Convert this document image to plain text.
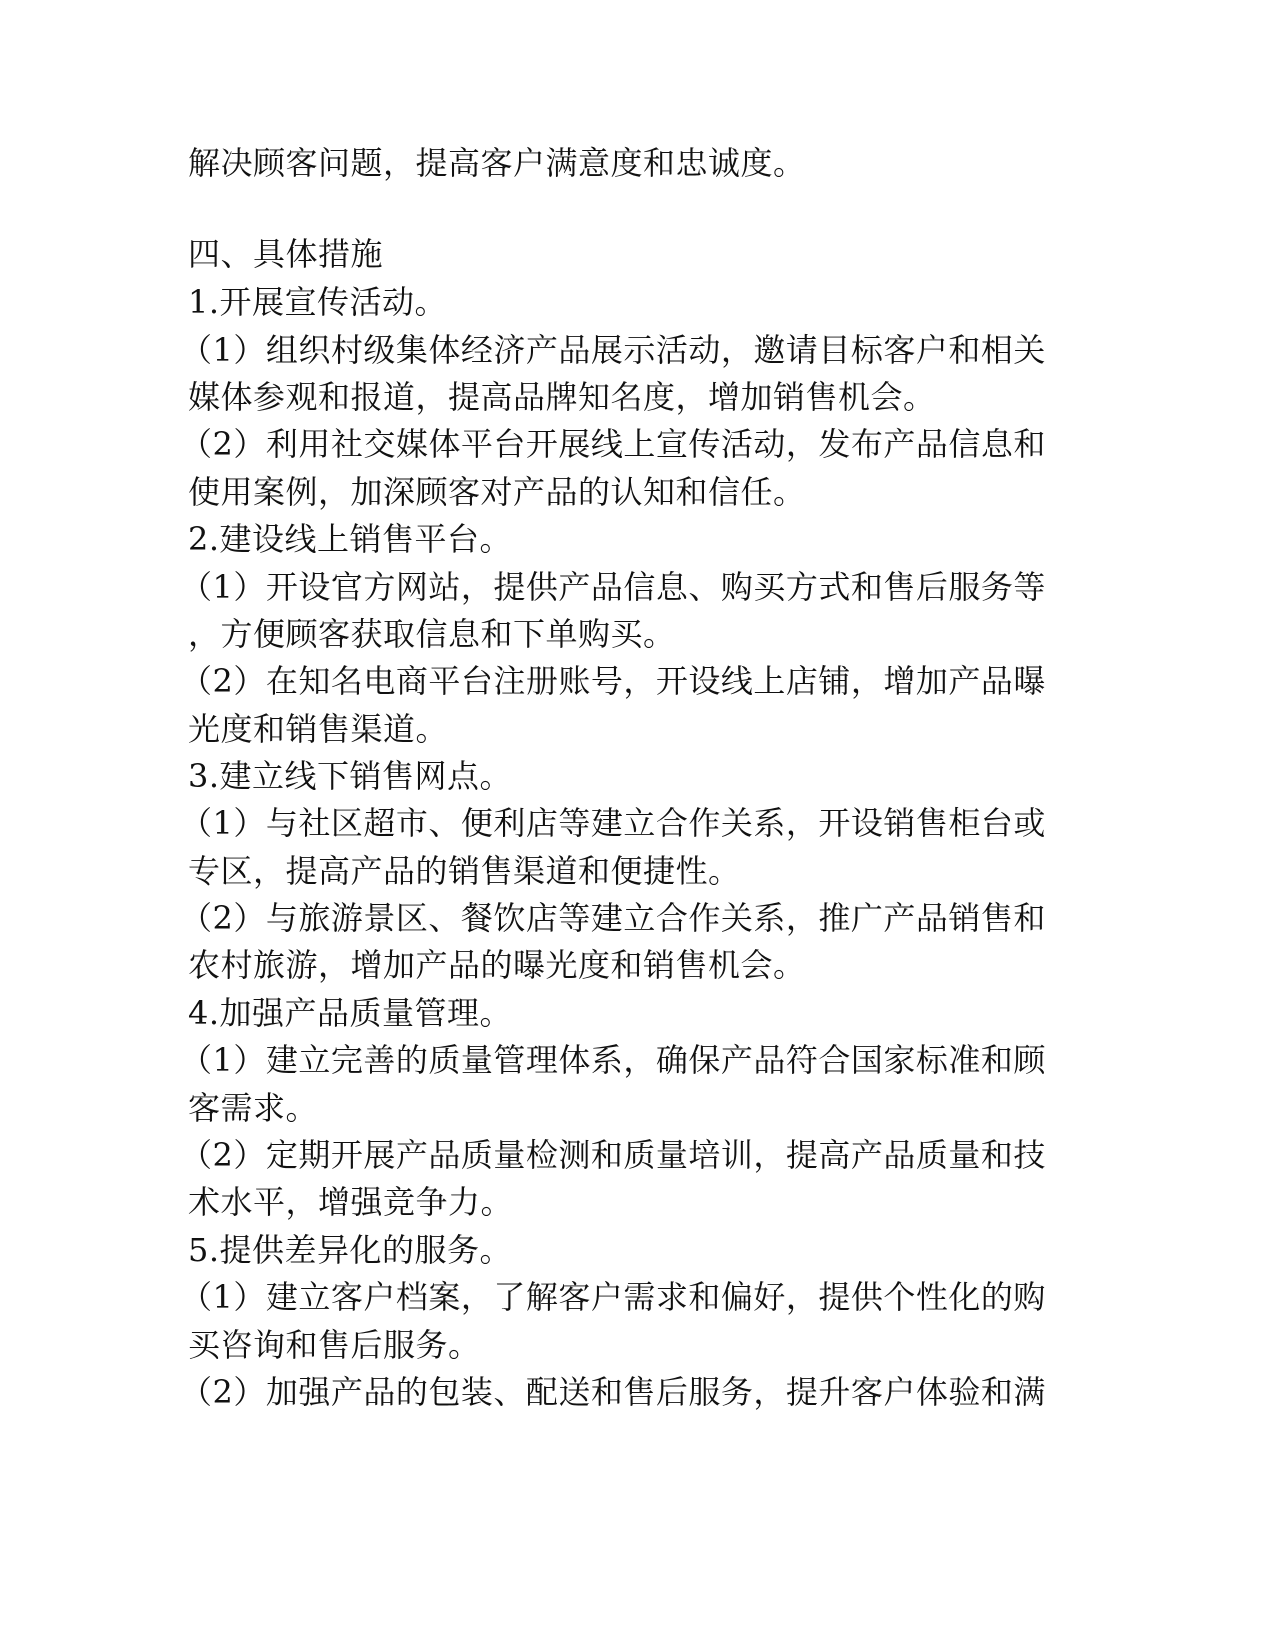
解决顾客问题，提高客户满意度和忠诚度。
四、具体措施
1.开展宣传活动。
（1）组织村级集体经济产品展示活动，邀请目标客户和相关
媒体参观和报道，提高品牌知名度，增加销售机会。
（2）利用社交媒体平台开展线上宣传活动，发布产品信息和
使用案例，加深顾客对产品的认知和信任。
2.建设线上销售平台。
（1）开设官方网站，提供产品信息、购买方式和售后服务等
，方便顾客获取信息和下单购买。
（2）在知名电商平台注册账号，开设线上店铺，增加产品曝
光度和销售渠道。
3.建立线下销售网点。
（1）与社区超市、便利店等建立合作关系，开设销售柜台或
专区，提高产品的销售渠道和便捷性。
（2）与旅游景区、餐饮店等建立合作关系，推广产品销售和
农村旅游，增加产品的曝光度和销售机会。
4.加强产品质量管理。
（1）建立完善的质量管理体系，确保产品符合国家标准和顾
客需求。
（2）定期开展产品质量检测和质量培训，提高产品质量和技
术水平，增强竞争力。
5.提供差异化的服务。
（1）建立客户档案，了解客户需求和偏好，提供个性化的购
买咨询和售后服务。
（2）加强产品的包装、配送和售后服务，提升客户体验和满
